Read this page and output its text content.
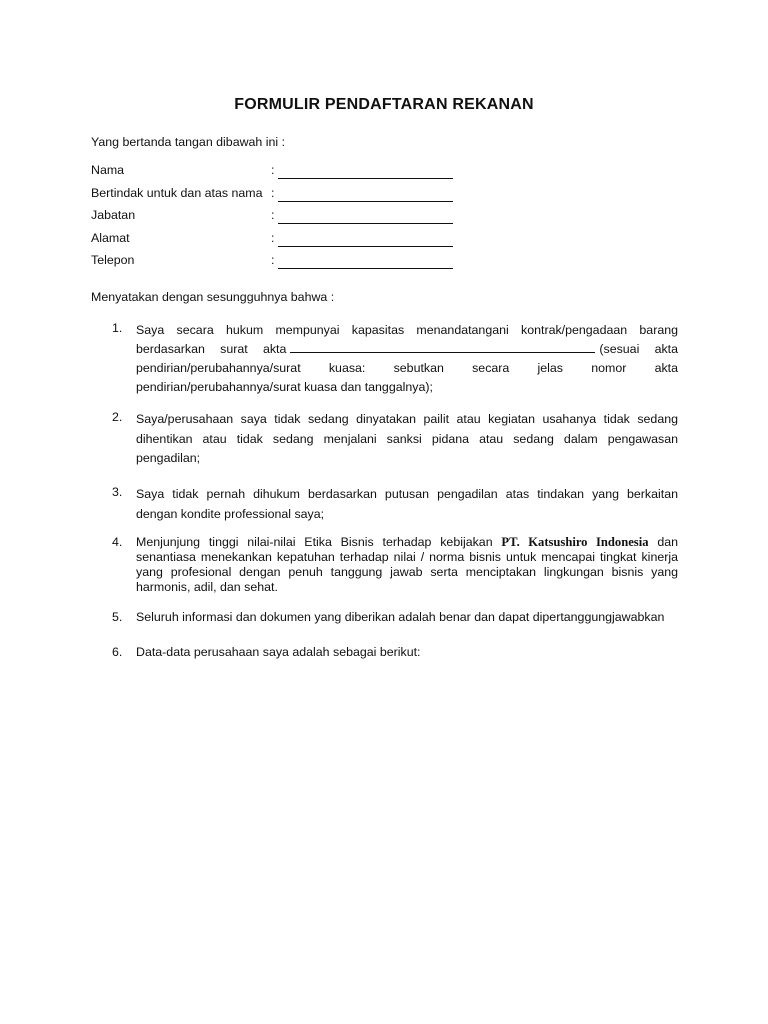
FORMULIR PENDAFTARAN REKANAN
Yang bertanda tangan dibawah ini :
Nama	:
Bertindak untuk dan atas nama :
Jabatan	:
Alamat	:
Telepon	:
Menyatakan dengan sesungguhnya bahwa :
1. Saya secara hukum mempunyai kapasitas menandatangani kontrak/pengadaan barang
berdasarkan surat akta	(sesuai akta
pendirian/perubahannya/surat kuasa: sebutkan secara jelas nomor akta
pendirian/perubahannya/surat kuasa dan tanggalnya);
2. Saya/perusahaan saya tidak sedang dinyatakan pailit atau kegiatan usahanya tidak sedang
dihentikan atau tidak sedang menjalani sanksi pidana atau sedang dalam pengawasan
pengadilan;
3. Saya tidak pernah dihukum berdasarkan putusan pengadilan atas tindakan yang berkaitan
dengan kondite professional saya;
4. Menjunjung tinggi nilai-nilai Etika Bisnis terhadap kebijakan PT. Katsushiro Indonesia dan
senantiasa menekankan kepatuhan terhadap nilai / norma bisnis untuk mencapai tingkat kinerja
yang profesional dengan penuh tanggung jawab serta menciptakan lingkungan bisnis yang
harmonis, adil, dan sehat.
5. Seluruh informasi dan dokumen yang diberikan adalah benar dan dapat dipertanggungjawabkan
6. Data-data perusahaan saya adalah sebagai berikut:
